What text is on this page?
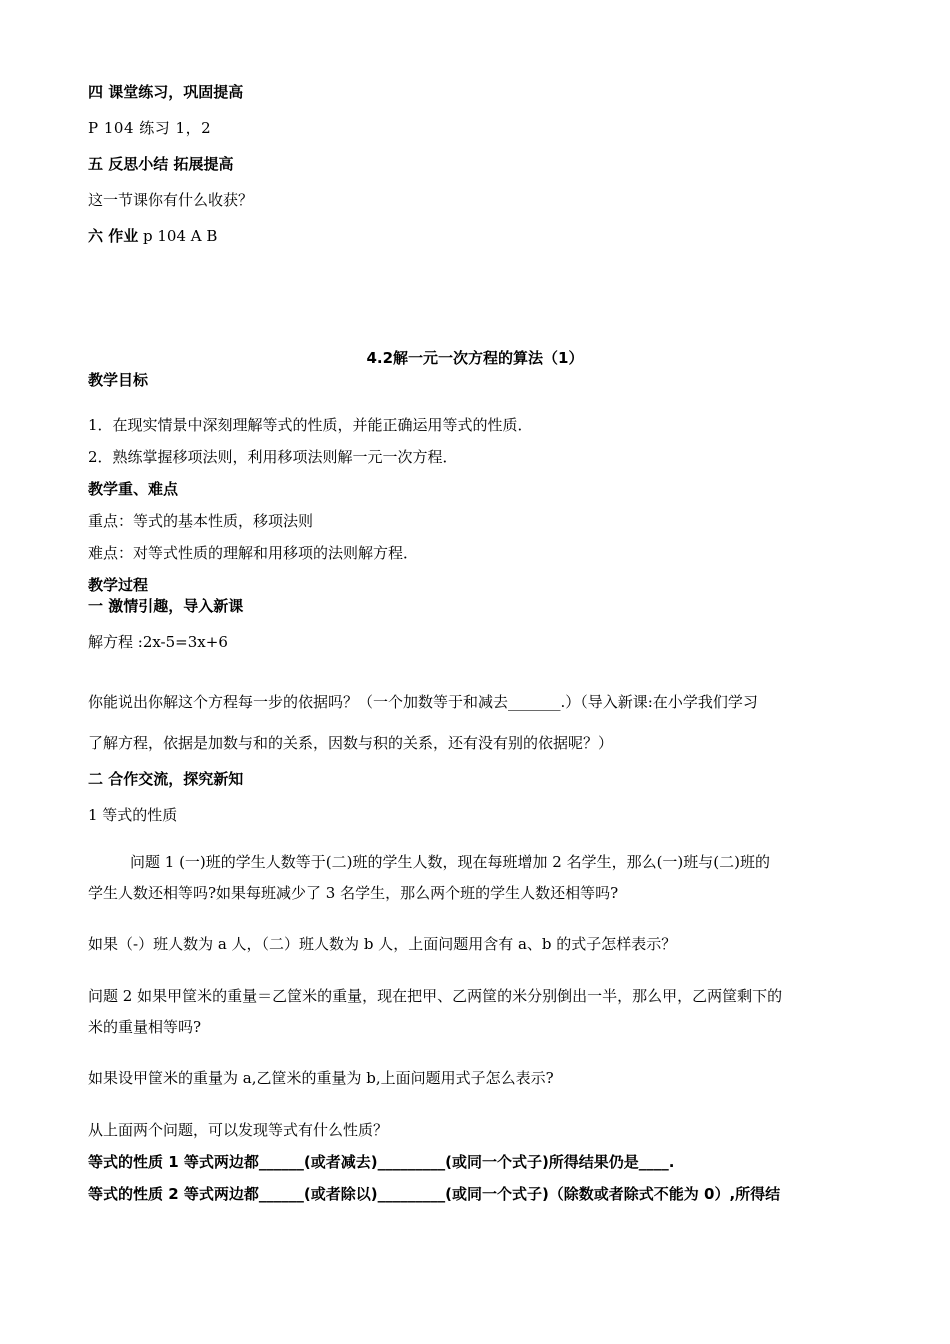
四 课堂练习，巩固提高
P 104 练习 1，2
五 反思小结 拓展提高
这一节课你有什么收获？
六 作业 p 104 A B
4.2解一元一次方程的算法（1）
教学目标
1．在现实情景中深刻理解等式的性质，并能正确运用等式的性质．
2．熟练掌握移项法则，利用移项法则解一元一次方程．
教学重、难点
重点：等式的基本性质，移项法则
难点：对等式性质的理解和用移项的法则解方程．
教学过程
一 激情引趣，导入新课
解方程 :2x-5=3x+6
你能说出你解这个方程每一步的依据吗？（一个加数等于和减去_______.）（导入新课:在小学我们学习
了解方程，依据是加数与和的关系，因数与积的关系，还有没有别的依据呢？）
二 合作交流，探究新知
1 等式的性质
问题 1 (一)班的学生人数等于(二)班的学生人数，现在每班增加 2 名学生，那么(一)班与(二)班的
学生人数还相等吗?如果每班减少了 3 名学生，那么两个班的学生人数还相等吗?
如果（-）班人数为 a 人，（二）班人数为 b 人，上面问题用含有 a、b 的式子怎样表示？
问题 2 如果甲筐米的重量＝乙筐米的重量，现在把甲、乙两筐的米分别倒出一半，那么甲，乙两筐剩下的
米的重量相等吗?
如果设甲筐米的重量为 a,乙筐米的重量为 b,上面问题用式子怎么表示?
从上面两个问题，可以发现等式有什么性质？
等式的性质 1 等式两边都______(或者减去)_________(或同一个式子)所得结果仍是____.
等式的性质 2 等式两边都______(或者除以)_________(或同一个式子)（除数或者除式不能为 0）,所得结
